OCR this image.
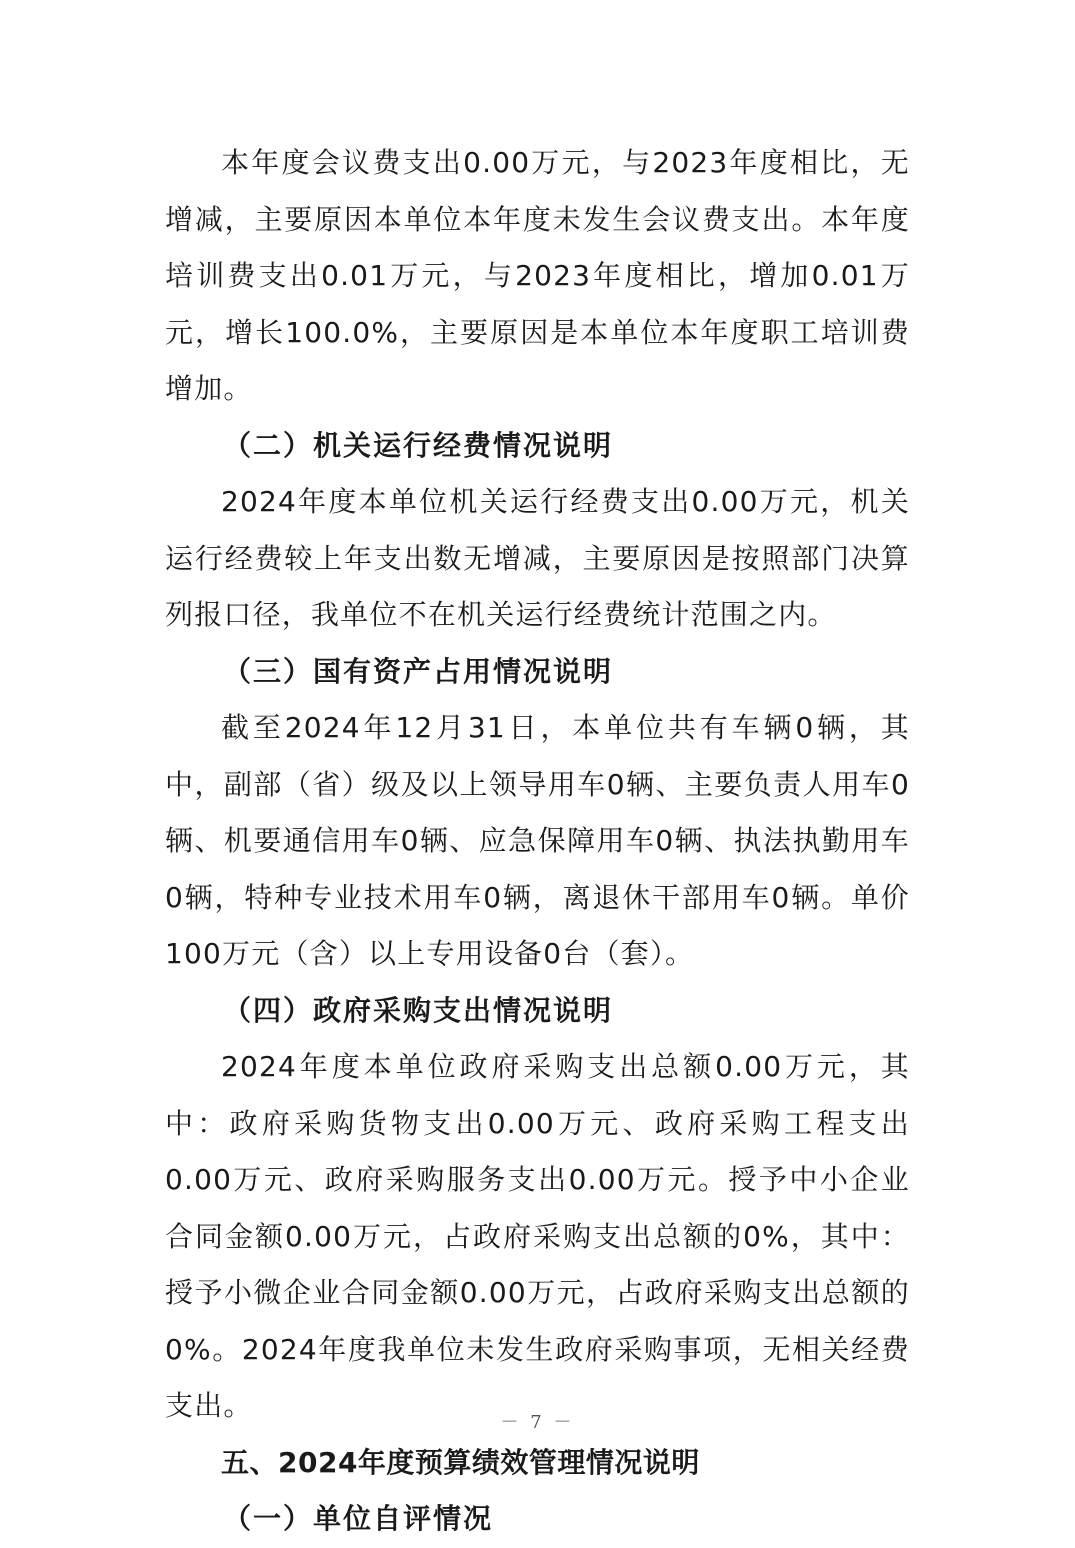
本年度会议费支出0.00万元，与2023年度相比，无增减，主要原因本单位本年度未发生会议费支出。本年度培训费支出0.01万元，与2023年度相比，增加0.01万元，增长100.0%，主要原因是本单位本年度职工培训费增加。

（二）机关运行经费情况说明

2024年度本单位机关运行经费支出0.00万元，机关运行经费较上年支出数无增减，主要原因是按照部门决算列报口径，我单位不在机关运行经费统计范围之内。

（三）国有资产占用情况说明

截至2024年12月31日，本单位共有车辆0辆，其中，副部（省）级及以上领导用车0辆、主要负责人用车0辆、机要通信用车0辆、应急保障用车0辆、执法执勤用车0辆，特种专业技术用车0辆，离退休干部用车0辆。单价100万元（含）以上专用设备0台（套）。

（四）政府采购支出情况说明

2024年度本单位政府采购支出总额0.00万元，其中：政府采购货物支出0.00万元、政府采购工程支出0.00万元、政府采购服务支出0.00万元。授予中小企业合同金额0.00万元，占政府采购支出总额的0%，其中：授予小微企业合同金额0.00万元，占政府采购支出总额的0%。2024年度我单位未发生政府采购事项，无相关经费支出。

五、2024年度预算绩效管理情况说明

（一）单位自评情况

－ 7 －
